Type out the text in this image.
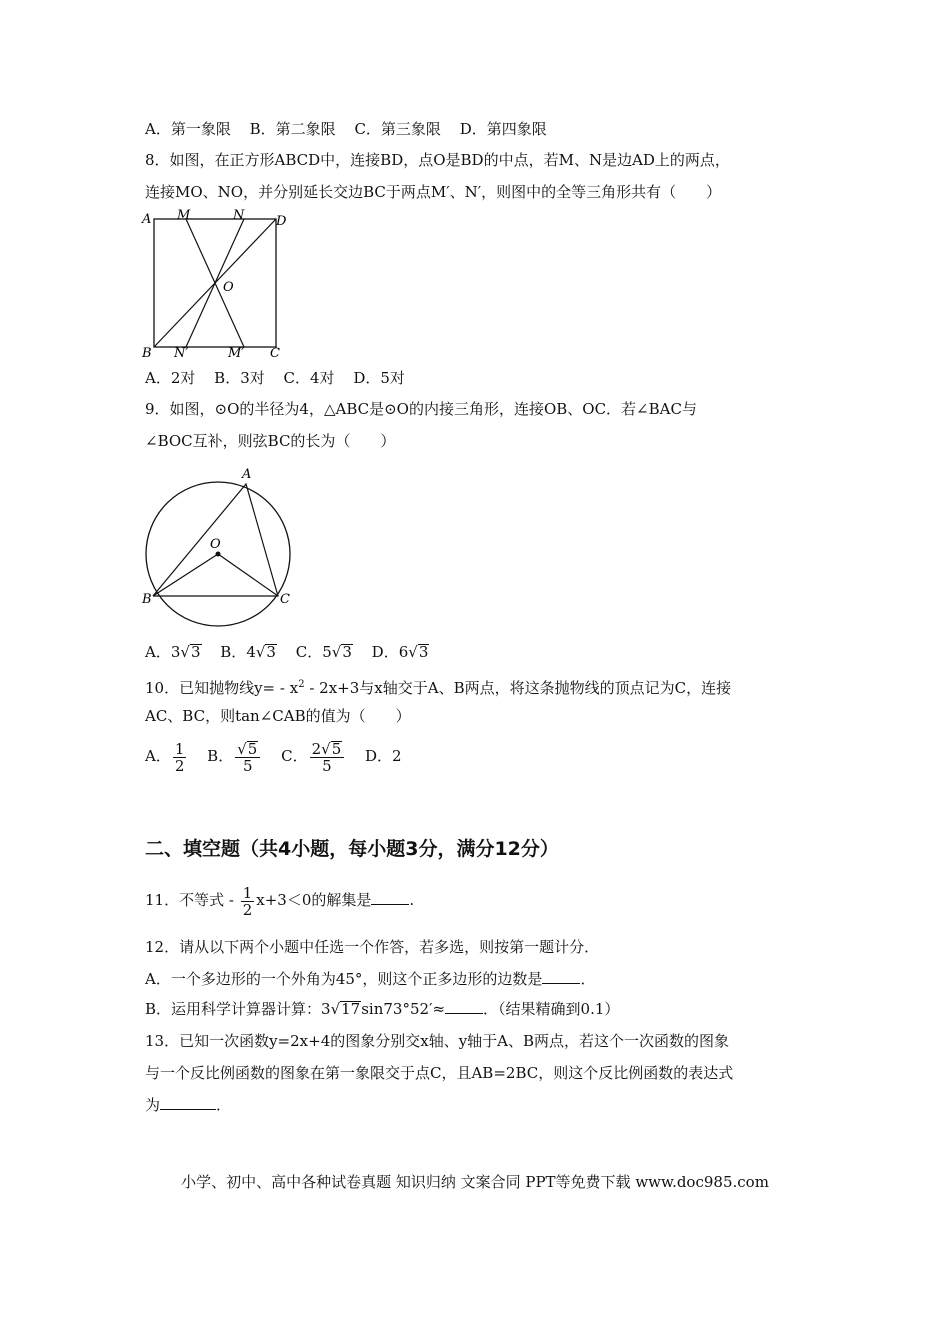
A．第一象限 B．第二象限 C．第三象限 D．第四象限
8．如图，在正方形ABCD中，连接BD，点O是BD的中点，若M、N是边AD上的两点，
连接MO、NO，并分别延长交边BC于两点M′、N′，则图中的全等三角形共有（　　）
A M	N D
O
B N′	M′ C
A．2对 B．3对 C．4对 D．5对
9．如图，⊙O的半径为4，△ABC是⊙O的内接三角形，连接OB、OC．若∠BAC与
∠BOC互补，则弦BC的长为（　　）
A
O
B	C
A．3√3 B．4√3 C．5√3 D．6√3
10．已知抛物线$y= - x^2 - 2x+3$与x轴交于A、B两点，将这条抛物线的顶点记为C，连接
AC、BC，则tan∠CAB的值为（　　）
A． $\frac{1}{2}$ B． $\frac{√5}{5}$ C． $\frac{2√5}{5}$ D．2
二、填空题（共4小题，每小题3分，满分12分）
11．不等式 - $\frac{1}{2} x+3<0$的解集是	.
12．请从以下两个小题中任选一个作答，若多选，则按第一题计分．
A．一个多边形的一个外角为45°，则这个正多边形的边数是	．
B．运用科学计算器计算：3√17sin73°52′≈	．（结果精确到0.1）
13．已知一次函数y=2x+4的图象分别交x轴、y轴于A、B两点，若这个一次函数的图象
与一个反比例函数的图象在第一象限交于点C，且AB=2BC，则这个反比例函数的表达式
为	．
小学、初中、高中各种试卷真题 知识归纳 文案合同 PPT等免费下载 www.doc985.com
